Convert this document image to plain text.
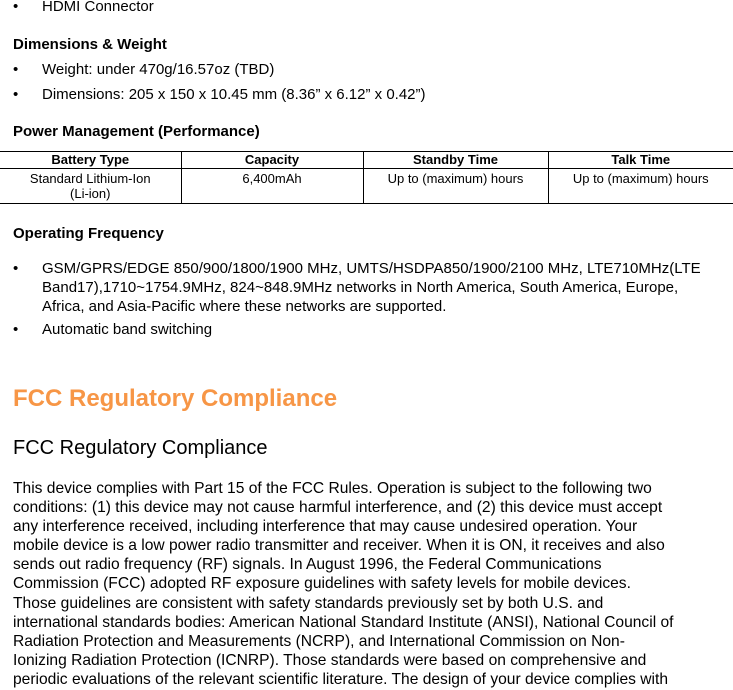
• HDMI Connector
Dimensions & Weight
• Weight: under 470g/16.57oz (TBD)
• Dimensions: 205 x 150 x 10.45 mm (8.36” x 6.12” x 0.42”)
Power Management (Performance)
Battery Type	Capacity	Standby Time	Talk Time

Standard Lithium-Ion
(Li-ion)	6,400mAh	Up to (maximum) hours	Up to (maximum) hours
Operating Frequency
• GSM/GPRS/EDGE 850/900/1800/1900 MHz, UMTS/HSDPA850/1900/2100 MHz, LTE710MHz(LTE Band17),1710~1754.9MHz, 824~848.9MHz networks in North America, South America, Europe, Africa, and Asia-Pacific where these networks are supported.
• Automatic band switching
FCC Regulatory Compliance
FCC Regulatory Compliance
This device complies with Part 15 of the FCC Rules. Operation is subject to the following two
conditions: (1) this device may not cause harmful interference, and (2) this device must accept
any interference received, including interference that may cause undesired operation. Your
mobile device is a low power radio transmitter and receiver. When it is ON, it receives and also
sends out radio frequency (RF) signals. In August 1996, the Federal Communications
Commission (FCC) adopted RF exposure guidelines with safety levels for mobile devices.
Those guidelines are consistent with safety standards previously set by both U.S. and
international standards bodies: American National Standard Institute (ANSI), National Council of
Radiation Protection and Measurements (NCRP), and International Commission on Non-
Ionizing Radiation Protection (ICNRP). Those standards were based on comprehensive and
periodic evaluations of the relevant scientific literature. The design of your device complies with
